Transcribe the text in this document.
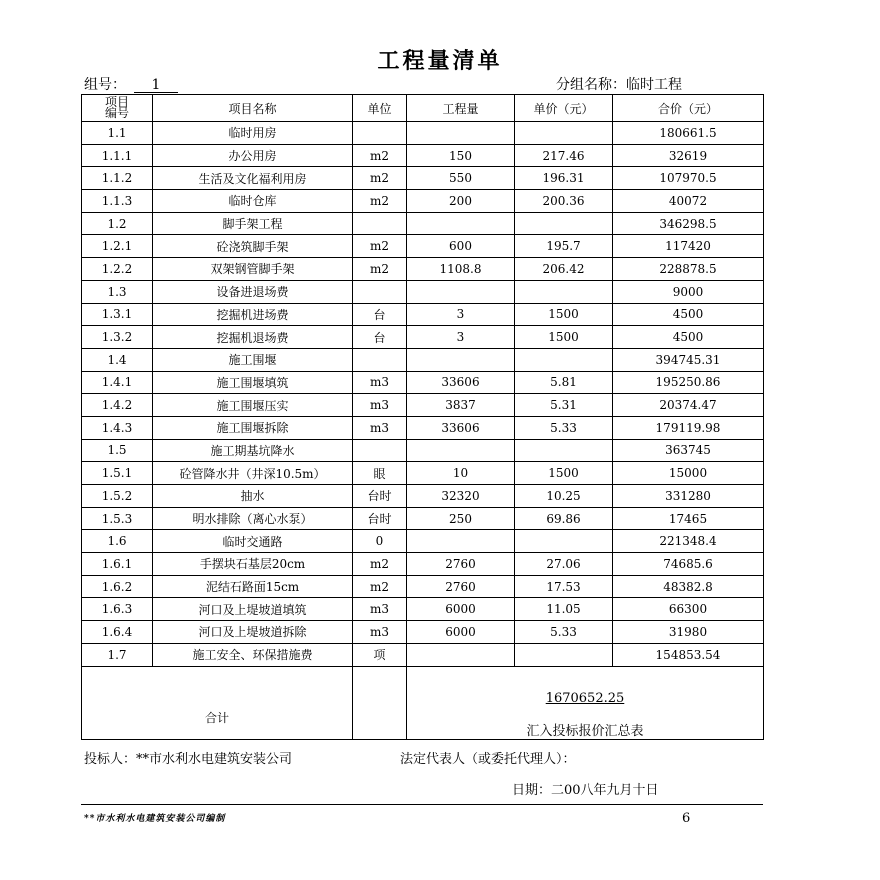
工程量清单
组号： 1	分组名称：临时工程
项目
编号	项目名称	单位	工程量	单价（元）	合价（元）
1.1	临时用房				180661.5
1.1.1	办公用房	m2	150	217.46	32619
1.1.2	生活及文化福利用房	m2	550	196.31	107970.5
1.1.3	临时仓库	m2	200	200.36	40072
1.2	脚手架工程				346298.5
1.2.1	砼浇筑脚手架	m2	600	195.7	117420
1.2.2	双架钢管脚手架	m2	1108.8	206.42	228878.5
1.3	设备进退场费				9000
1.3.1	挖掘机进场费	台	3	1500	4500
1.3.2	挖掘机退场费	台	3	1500	4500
1.4	施工围堰				394745.31
1.4.1	施工围堰填筑	m3	33606	5.81	195250.86
1.4.2	施工围堰压实	m3	3837	5.31	20374.47
1.4.3	施工围堰拆除	m3	33606	5.33	179119.98
1.5	施工期基坑降水				363745
1.5.1	砼管降水井（井深10.5m）	眼	10	1500	15000
1.5.2	抽水	台时	32320	10.25	331280
1.5.3	明水排除（离心水泵）	台时	250	69.86	17465
1.6	临时交通路	0			221348.4
1.6.1	手摆块石基层20cm	m2	2760	27.06	74685.6
1.6.2	泥结石路面15cm	m2	2760	17.53	48382.8
1.6.3	河口及上堤坡道填筑	m3	6000	11.05	66300
1.6.4	河口及上堤坡道拆除	m3	6000	5.33	31980
1.7	施工安全、环保措施费	项			154853.54
合计			1670652.25
汇入投标报价汇总表		
投标人：**市水利水电建筑安装公司	法定代表人（或委托代理人）：
日期：二00八年九月十日
**市水利水电建筑安装公司编制	6
